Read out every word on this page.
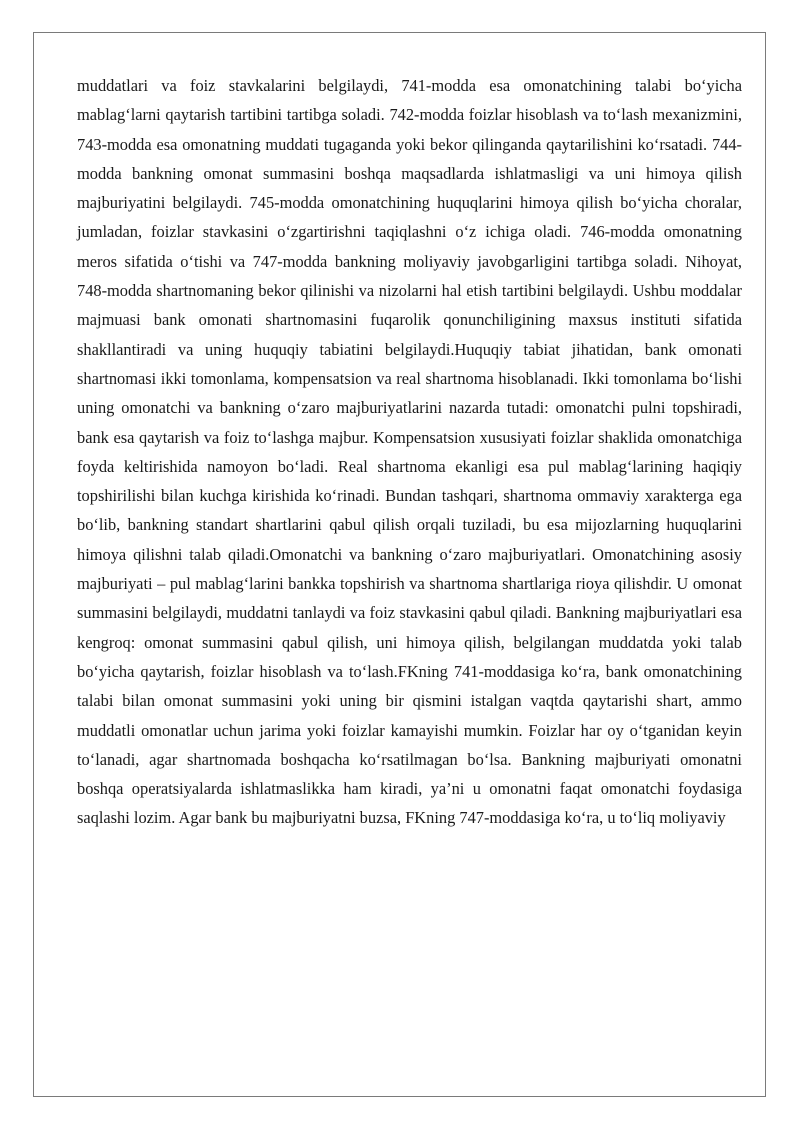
muddatlari va foiz stavkalarini belgilaydi, 741-modda esa omonatchining talabi bo‘yicha mablag‘larni qaytarish tartibini tartibga soladi. 742-modda foizlar hisoblash va to‘lash mexanizmini, 743-modda esa omonatning muddati tugaganda yoki bekor qilinganda qaytarilishini ko‘rsatadi. 744-modda bankning omonat summasini boshqa maqsadlarda ishlatmasligi va uni himoya qilish majburiyatini belgilaydi. 745-modda omonatchining huquqlarini himoya qilish bo‘yicha choralar, jumladan, foizlar stavkasini o‘zgartirishni taqiqlashni o‘z ichiga oladi. 746-modda omonatning meros sifatida o‘tishi va 747-modda bankning moliyaviy javobgarligini tartibga soladi. Nihoyat, 748-modda shartnomaning bekor qilinishi va nizolarni hal etish tartibini belgilaydi. Ushbu moddalar majmuasi bank omonati shartnomasini fuqarolik qonunchiligining maxsus instituti sifatida shakllantiradi va uning huquqiy tabiatini belgilaydi.Huquqiy tabiat jihatidan, bank omonati shartnomasi ikki tomonlama, kompensatsion va real shartnoma hisoblanadi. Ikki tomonlama bo‘lishi uning omonatchi va bankning o‘zaro majburiyatlarini nazarda tutadi: omonatchi pulni topshiradi, bank esa qaytarish va foiz to‘lashga majbur. Kompensatsion xususiyati foizlar shaklida omonatchiga foyda keltirishida namoyon bo‘ladi. Real shartnoma ekanligi esa pul mablag‘larining haqiqiy topshirilishi bilan kuchga kirishida ko‘rinadi. Bundan tashqari, shartnoma ommaviy xarakterga ega bo‘lib, bankning standart shartlarini qabul qilish orqali tuziladi, bu esa mijozlarning huquqlarini himoya qilishni talab qiladi.Omonatchi va bankning o‘zaro majburiyatlari. Omonatchining asosiy majburiyati – pul mablag‘larini bankka topshirish va shartnoma shartlariga rioya qilishdir. U omonat summasini belgilaydi, muddatni tanlaydi va foiz stavkasini qabul qiladi. Bankning majburiyatlari esa kengroq: omonat summasini qabul qilish, uni himoya qilish, belgilangan muddatda yoki talab bo‘yicha qaytarish, foizlar hisoblash va to‘lash.FKning 741-moddasiga ko‘ra, bank omonatchining talabi bilan omonat summasini yoki uning bir qismini istalgan vaqtda qaytarishi shart, ammo muddatli omonatlar uchun jarima yoki foizlar kamayishi mumkin. Foizlar har oy o‘tganidan keyin to‘lanadi, agar shartnomada boshqacha ko‘rsatilmagan bo‘lsa. Bankning majburiyati omonatni boshqa operatsiyalarda ishlatmaslikka ham kiradi, ya’ni u omonatni faqat omonatchi foydasiga saqlashi lozim. Agar bank bu majburiyatni buzsa, FKning 747-moddasiga ko‘ra, u to‘liq moliyaviy
